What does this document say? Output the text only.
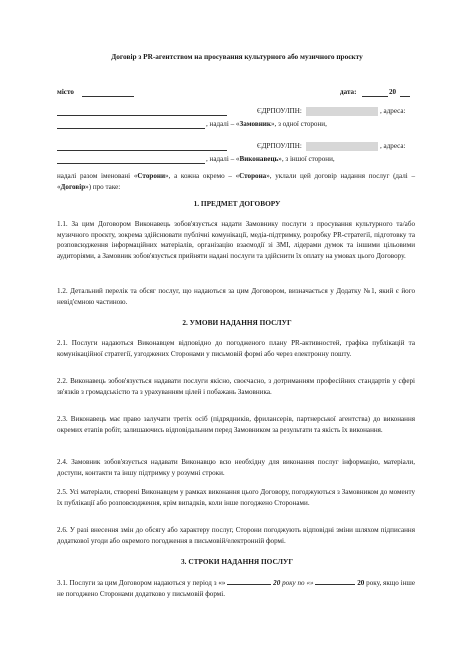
Договір з PR-агентством на просування культурного або музичного проєкту
місто	дата:	20
ЄДРПОУ/ІПН:	, адреса:
, надалі – «Замовник», з одної сторони,
ЄДРПОУ/ІПН:	, адреса:
, надалі – «Виконавець», з іншої сторони,
надалі разом іменовані «Сторони», а кожна окремо – «Сторона», уклали цей договір надання послуг (далі – «Договір») про таке:
1. ПРЕДМЕТ ДОГОВОРУ
1.1. За цим Договором Виконавець зобов'язується надати Замовнику послуги з просування культурного та/або музичного проєкту, зокрема здійснювати публічні комунікації, медіа-підтримку, розробку PR-стратегії, підготовку та розповсюдження інформаційних матеріалів, організацію взаємодії зі ЗМІ, лідерами думок та іншими цільовими аудиторіями, а Замовник зобов'язується прийняти надані послуги та здійснити їх оплату на умовах цього Договору.
1.2. Детальний перелік та обсяг послуг, що надаються за цим Договором, визначається у Додатку №1, який є його невід'ємною частиною.
2. УМОВИ НАДАННЯ ПОСЛУГ
2.1. Послуги надаються Виконавцем відповідно до погодженого плану PR-активностей, графіка публікацій та комунікаційної стратегії, узгоджених Сторонами у письмовій формі або через електронну пошту.
2.2. Виконавець зобов'язується надавати послуги якісно, своєчасно, з дотриманням професійних стандартів у сфері зв'язків з громадськістю та з урахуванням цілей і побажань Замовника.
2.3. Виконавець має право залучати третіх осіб (підрядників, фрилансерів, партнерської агентства) до виконання окремих етапів робіт, залишаючись відповідальним перед Замовником за результати та якість їх виконання.
2.4. Замовник зобов'язується надавати Виконавцю всю необхідну для виконання послуг інформацію, матеріали, доступи, контакти та іншу підтримку у розумні строки.
2.5. Усі матеріали, створені Виконавцем у рамках виконання цього Договору, погоджуються з Замовником до моменту їх публікації або розповсюдження, крім випадків, коли інше погоджено Сторонами.
2.6. У разі внесення змін до обсягу або характеру послуг, Сторони погоджують відповідні зміни шляхом підписання додаткової угоди або окремого погодження в письмовій/електронній формі.
3. СТРОКИ НАДАННЯ ПОСЛУГ
3.1. Послуги за цим Договором надаються у період з «»	20 року по «»	20 року, якщо інше не погоджено Сторонами додатково у письмовій формі.
